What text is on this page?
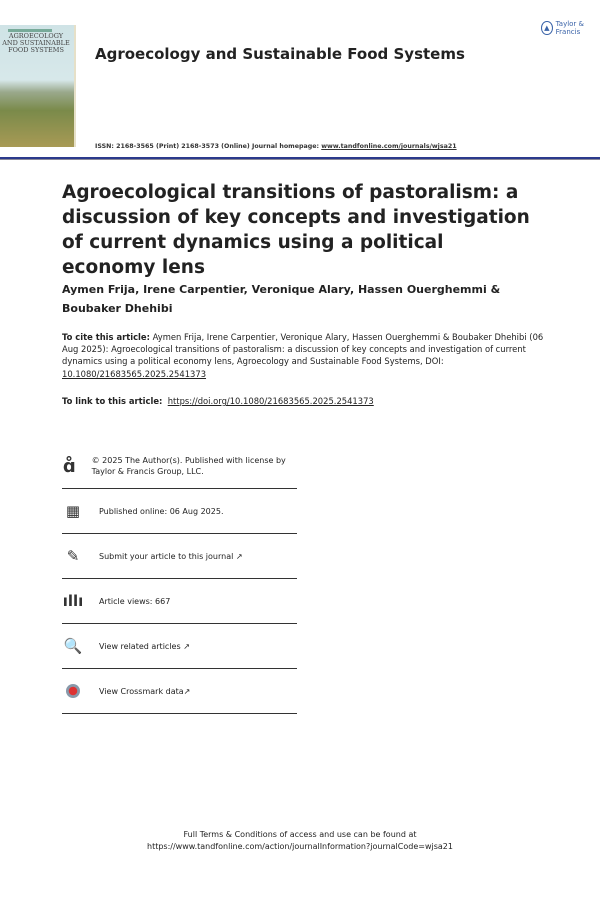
AGROECOLOGY AND SUSTAINABLE FOOD SYSTEMS	Agroecology and Sustainable Food Systems
▲ Taylor & Francis
ISSN: 2168-3565 (Print) 2168-3573 (Online) Journal homepage: www.tandfonline.com/journals/wjsa21
Agroecological transitions of pastoralism: a discussion of key concepts and investigation of current dynamics using a political economy lens
Aymen Frija, Irene Carpentier, Veronique Alary, Hassen Ouerghemmi & Boubaker Dhehibi
To cite this article: Aymen Frija, Irene Carpentier, Veronique Alary, Hassen Ouerghemmi & Boubaker Dhehibi (06 Aug 2025): Agroecological transitions of pastoralism: a discussion of key concepts and investigation of current dynamics using a political economy lens, Agroecology and Sustainable Food Systems, DOI: 10.1080/21683565.2025.2541373
To link to this article: https://doi.org/10.1080/21683565.2025.2541373
ɑ̊ © 2025 The Author(s). Published with license by Taylor & Francis Group, LLC.
▦	Published online: 06 Aug 2025.
✎	Submit your article to this journal
↗
ıllı Article views: 667
🔍 View related articles
↗
View Crossmark data ↗
Full Terms & Conditions of access and use can be found at
https://www.tandfonline.com/action/journalInformation?journalCode=wjsa21
